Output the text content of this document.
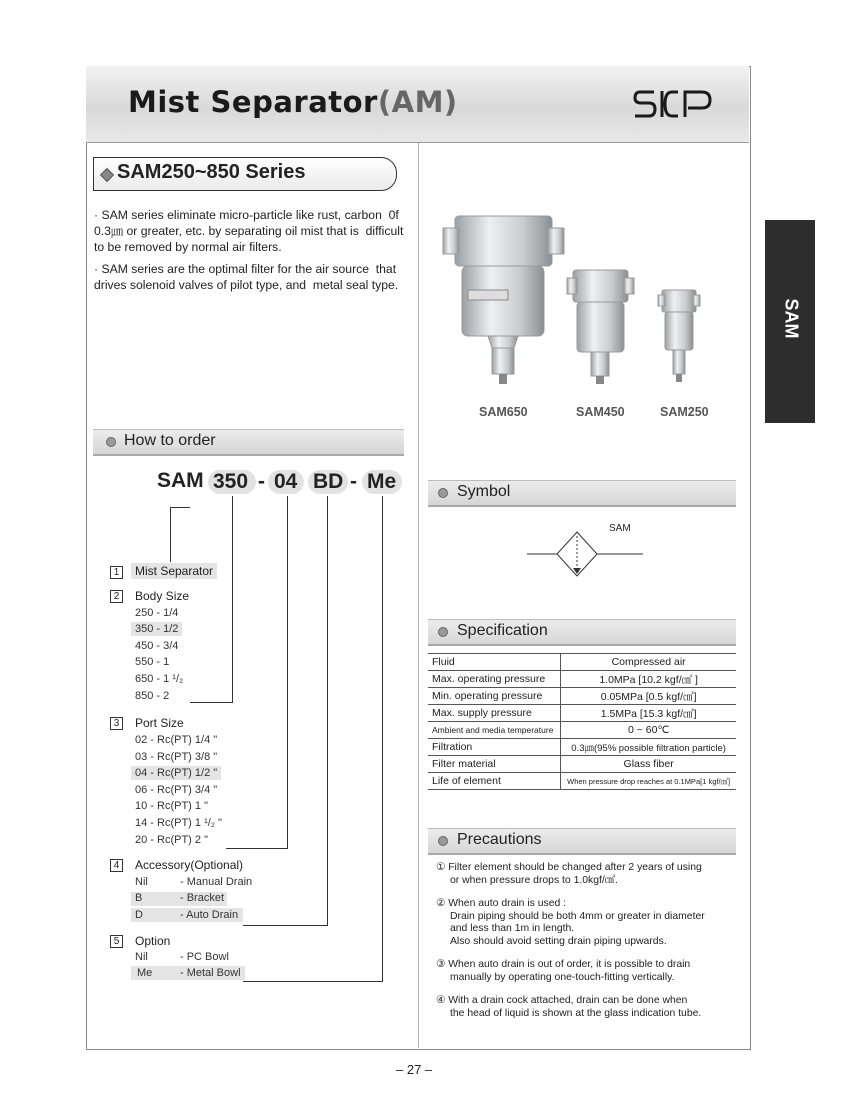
Mist Separator(AM)
SAM250~850 Series
· SAM series eliminate micro-particle like rust, carbon  0f 0.3㎛ or greater, etc. by separating oil mist that is  difficult to be removed by normal air filters.
· SAM series are the optimal filter for the air source  that drives solenoid valves of pilot type, and  metal seal type.
SAM650	SAM450	SAM250
How to order
SAM 350 - 04 BD - Me
1	Mist Separator
2	Body Size
250 - 1/4
350 - 1/2
450 - 3/4
550 - 1
650 - 1 ¹/₂
850 - 2
3	Port Size
02 - Rc(PT) 1/4 "
03 - Rc(PT) 3/8 "
04 - Rc(PT) 1/2 "
06 - Rc(PT) 3/4 "
10 - Rc(PT) 1 "
14 - Rc(PT) 1 ¹/₂ "
20 - Rc(PT) 2 "
4	Accessory(Optional)
Nil	- Manual Drain
B	- Bracket
D	- Auto Drain
5	Option
Nil	- PC Bowl
Me	- Metal Bowl
Symbol
SAM
Specification
Fluid	Compressed air
Max. operating pressure	1.0MPa [10.2 kgf/㎠ ]
Min. operating pressure	0.05MPa [0.5 kgf/㎠]
Max. supply pressure	1.5MPa [15.3 kgf/㎠]
Ambient and media temperature	0 ~ 60℃
Filtration	0.3㎛(95% possible filtration particle)
Filter material	Glass fiber
Life of element	When pressure drop reaches at 0.1MPa[1 kgf/㎠]
Precautions
① Filter element should be changed after 2 years of using
or when pressure drops to 1.0kgf/㎠.
② When auto drain is used :
Drain piping should be both 4mm or greater in diameter
and less than 1m in length.
Also should avoid setting drain piping upwards.
③ When auto drain is out of order, it is possible to drain
manually by operating one-touch-fitting vertically.
④ With a drain cock attached, drain can be done when
the head of liquid is shown at the glass indication tube.
SAM
– 27 –
